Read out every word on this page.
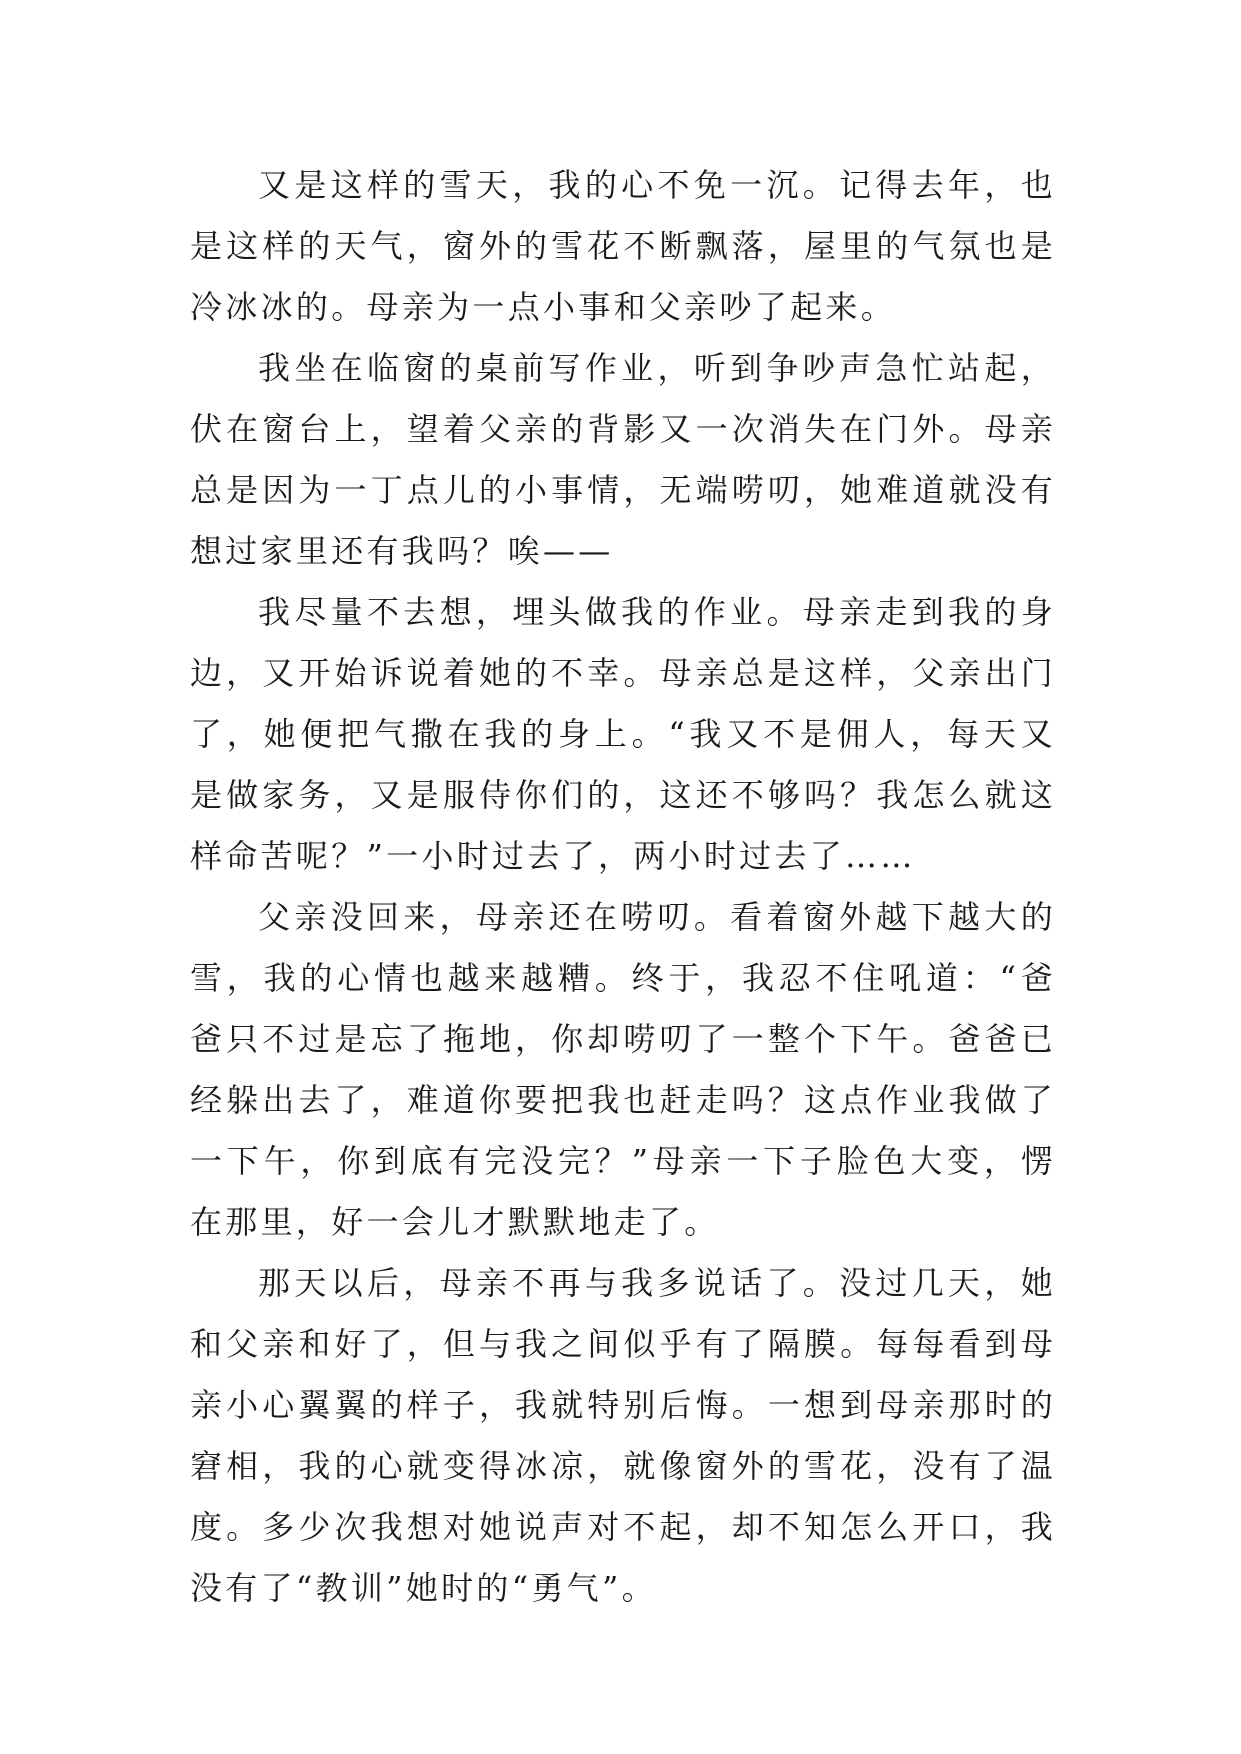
又是这样的雪天，我的心不免一沉。记得去年，也是这样的天气，窗外的雪花不断飘落，屋里的气氛也是冷冰冰的。母亲为一点小事和父亲吵了起来。

我坐在临窗的桌前写作业，听到争吵声急忙站起，伏在窗台上，望着父亲的背影又一次消失在门外。母亲总是因为一丁点儿的小事情，无端唠叨，她难道就没有想过家里还有我吗？唉——

我尽量不去想，埋头做我的作业。母亲走到我的身边，又开始诉说着她的不幸。母亲总是这样，父亲出门了，她便把气撒在我的身上。“我又不是佣人，每天又是做家务，又是服侍你们的，这还不够吗？我怎么就这样命苦呢？”一小时过去了，两小时过去了……

父亲没回来，母亲还在唠叨。看着窗外越下越大的雪，我的心情也越来越糟。终于，我忍不住吼道：“爸爸只不过是忘了拖地，你却唠叨了一整个下午。爸爸已经躲出去了，难道你要把我也赶走吗？这点作业我做了一下午，你到底有完没完？”母亲一下子脸色大变，愣在那里，好一会儿才默默地走了。

那天以后，母亲不再与我多说话了。没过几天，她和父亲和好了，但与我之间似乎有了隔膜。每每看到母亲小心翼翼的样子，我就特别后悔。一想到母亲那时的窘相，我的心就变得冰凉，就像窗外的雪花，没有了温度。多少次我想对她说声对不起，却不知怎么开口，我没有了“教训”她时的“勇气”。
